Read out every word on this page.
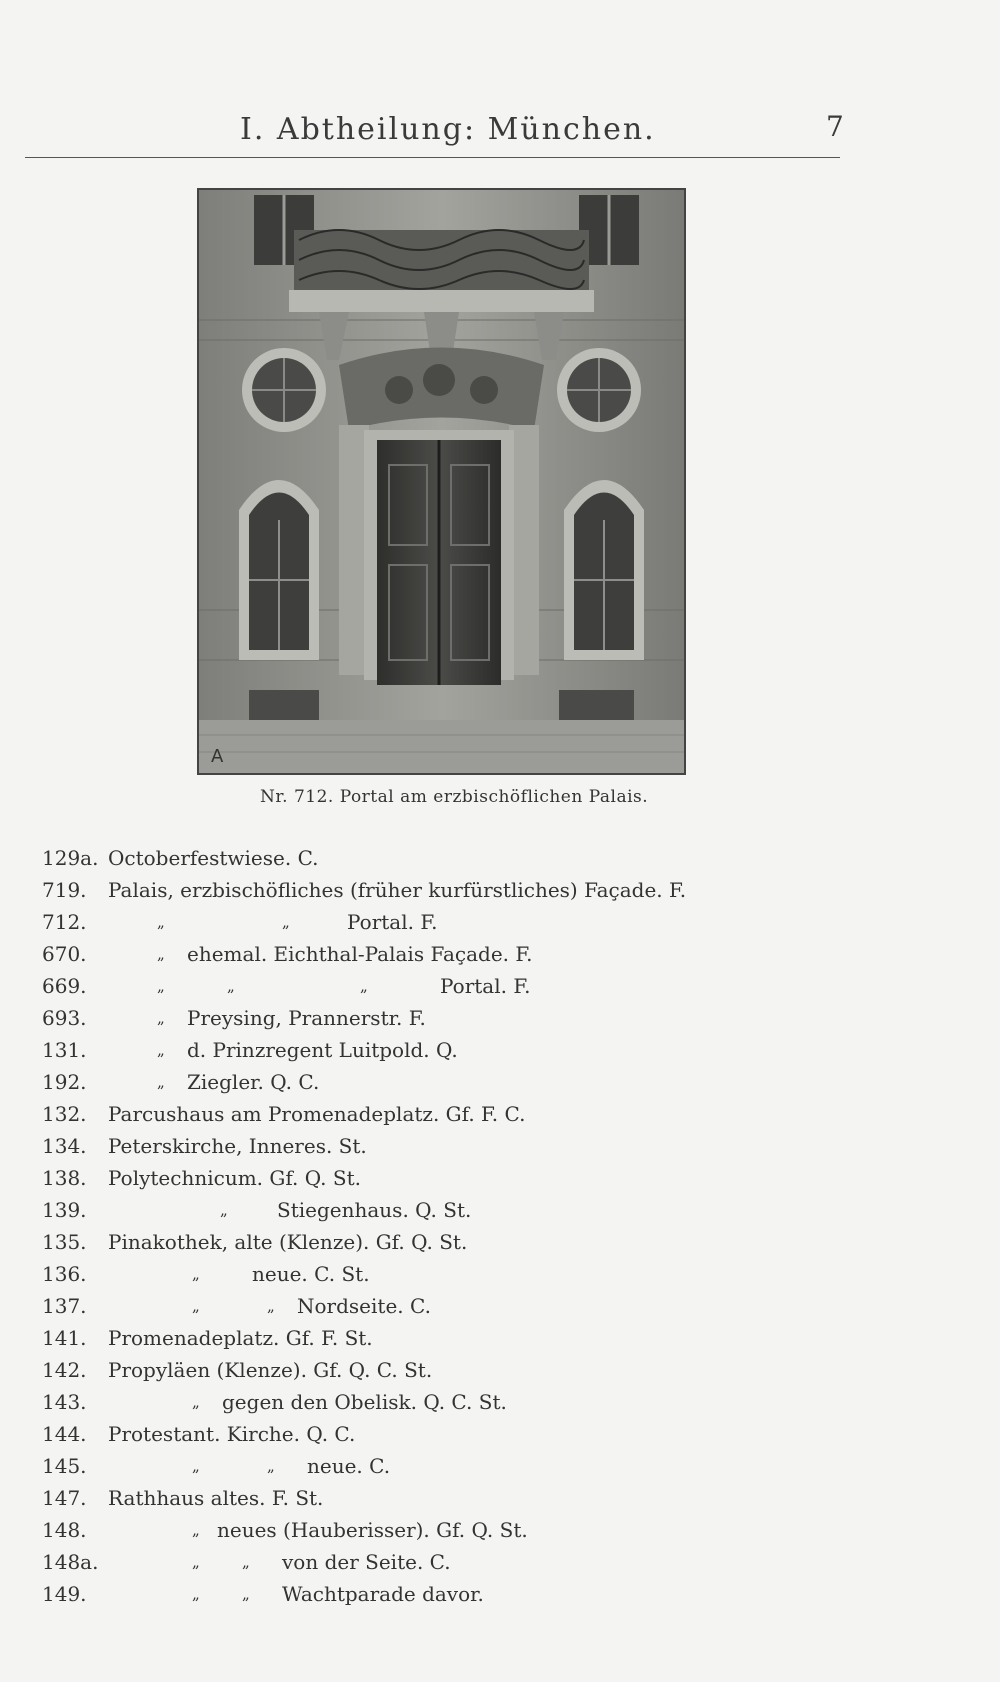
I. Abtheilung: München.	7
A
Nr. 712. Portal am erzbischöflichen Palais.
129a. Octoberfestwiese. C.
719. Palais, erzbischöfliches (früher kurfürstliches) Façade. F.
712.	„	„	Portal. F.
670.	„ ehemal. Eichthal-Palais Façade. F.
669.	„	„	„	Portal. F.
693.	„ Preysing, Prannerstr. F.
131.	„ d. Prinzregent Luitpold. Q.
192.	„ Ziegler. Q. C.
132. Parcushaus am Promenadeplatz. Gf. F. C.
134. Peterskirche, Inneres. St.
138. Polytechnicum. Gf. Q. St.
139.	„ Stiegenhaus. Q. St.
135. Pinakothek, alte (Klenze). Gf. Q. St.
136.	„	neue. C. St.
137.	„	„ Nordseite. C.
141. Promenadeplatz. Gf. F. St.
142. Propyläen (Klenze). Gf. Q. C. St.
143.	„ gegen den Obelisk. Q. C. St.
144. Protestant. Kirche. Q. C.
145.	„	„ neue. C.
147. Rathhaus altes. F. St.
148.	„ neues (Hauberisser). Gf. Q. St.
148a.	„	„ von der Seite. C.
149.	„	„ Wachtparade davor.
